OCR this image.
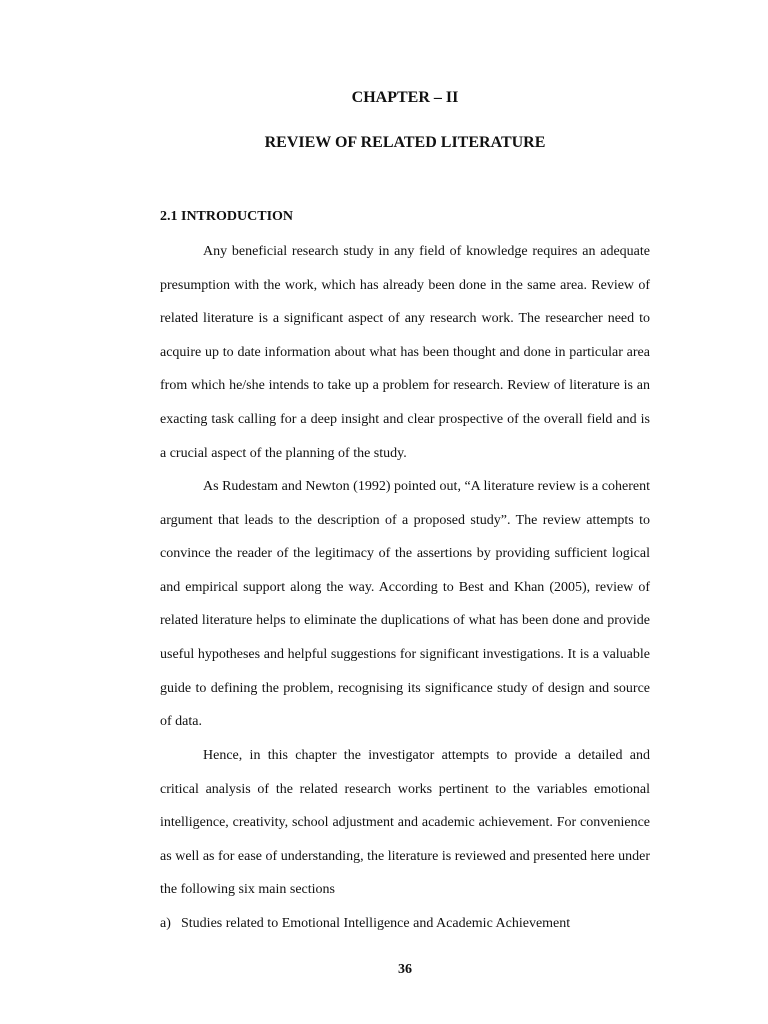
CHAPTER – II
REVIEW OF RELATED LITERATURE
2.1 INTRODUCTION

Any beneficial research study in any field of knowledge requires an adequate presumption with the work, which has already been done in the same area. Review of related literature is a significant aspect of any research work. The researcher need to acquire up to date information about what has been thought and done in particular area from which he/she intends to take up a problem for research. Review of literature is an exacting task calling for a deep insight and clear prospective of the overall field and is a crucial aspect of the planning of the study.

As Rudestam and Newton (1992) pointed out, “A literature review is a coherent argument that leads to the description of a proposed study”. The review attempts to convince the reader of the legitimacy of the assertions by providing sufficient logical and empirical support along the way. According to Best and Khan (2005), review of related literature helps to eliminate the duplications of what has been done and provide useful hypotheses and helpful suggestions for significant investigations. It is a valuable guide to defining the problem, recognising its significance study of design and source of data.

Hence, in this chapter the investigator attempts to provide a detailed and critical analysis of the related research works pertinent to the variables emotional intelligence, creativity, school adjustment and academic achievement. For convenience as well as for ease of understanding, the literature is reviewed and presented here under the following six main sections

a) Studies related to Emotional Intelligence and Academic Achievement

36
